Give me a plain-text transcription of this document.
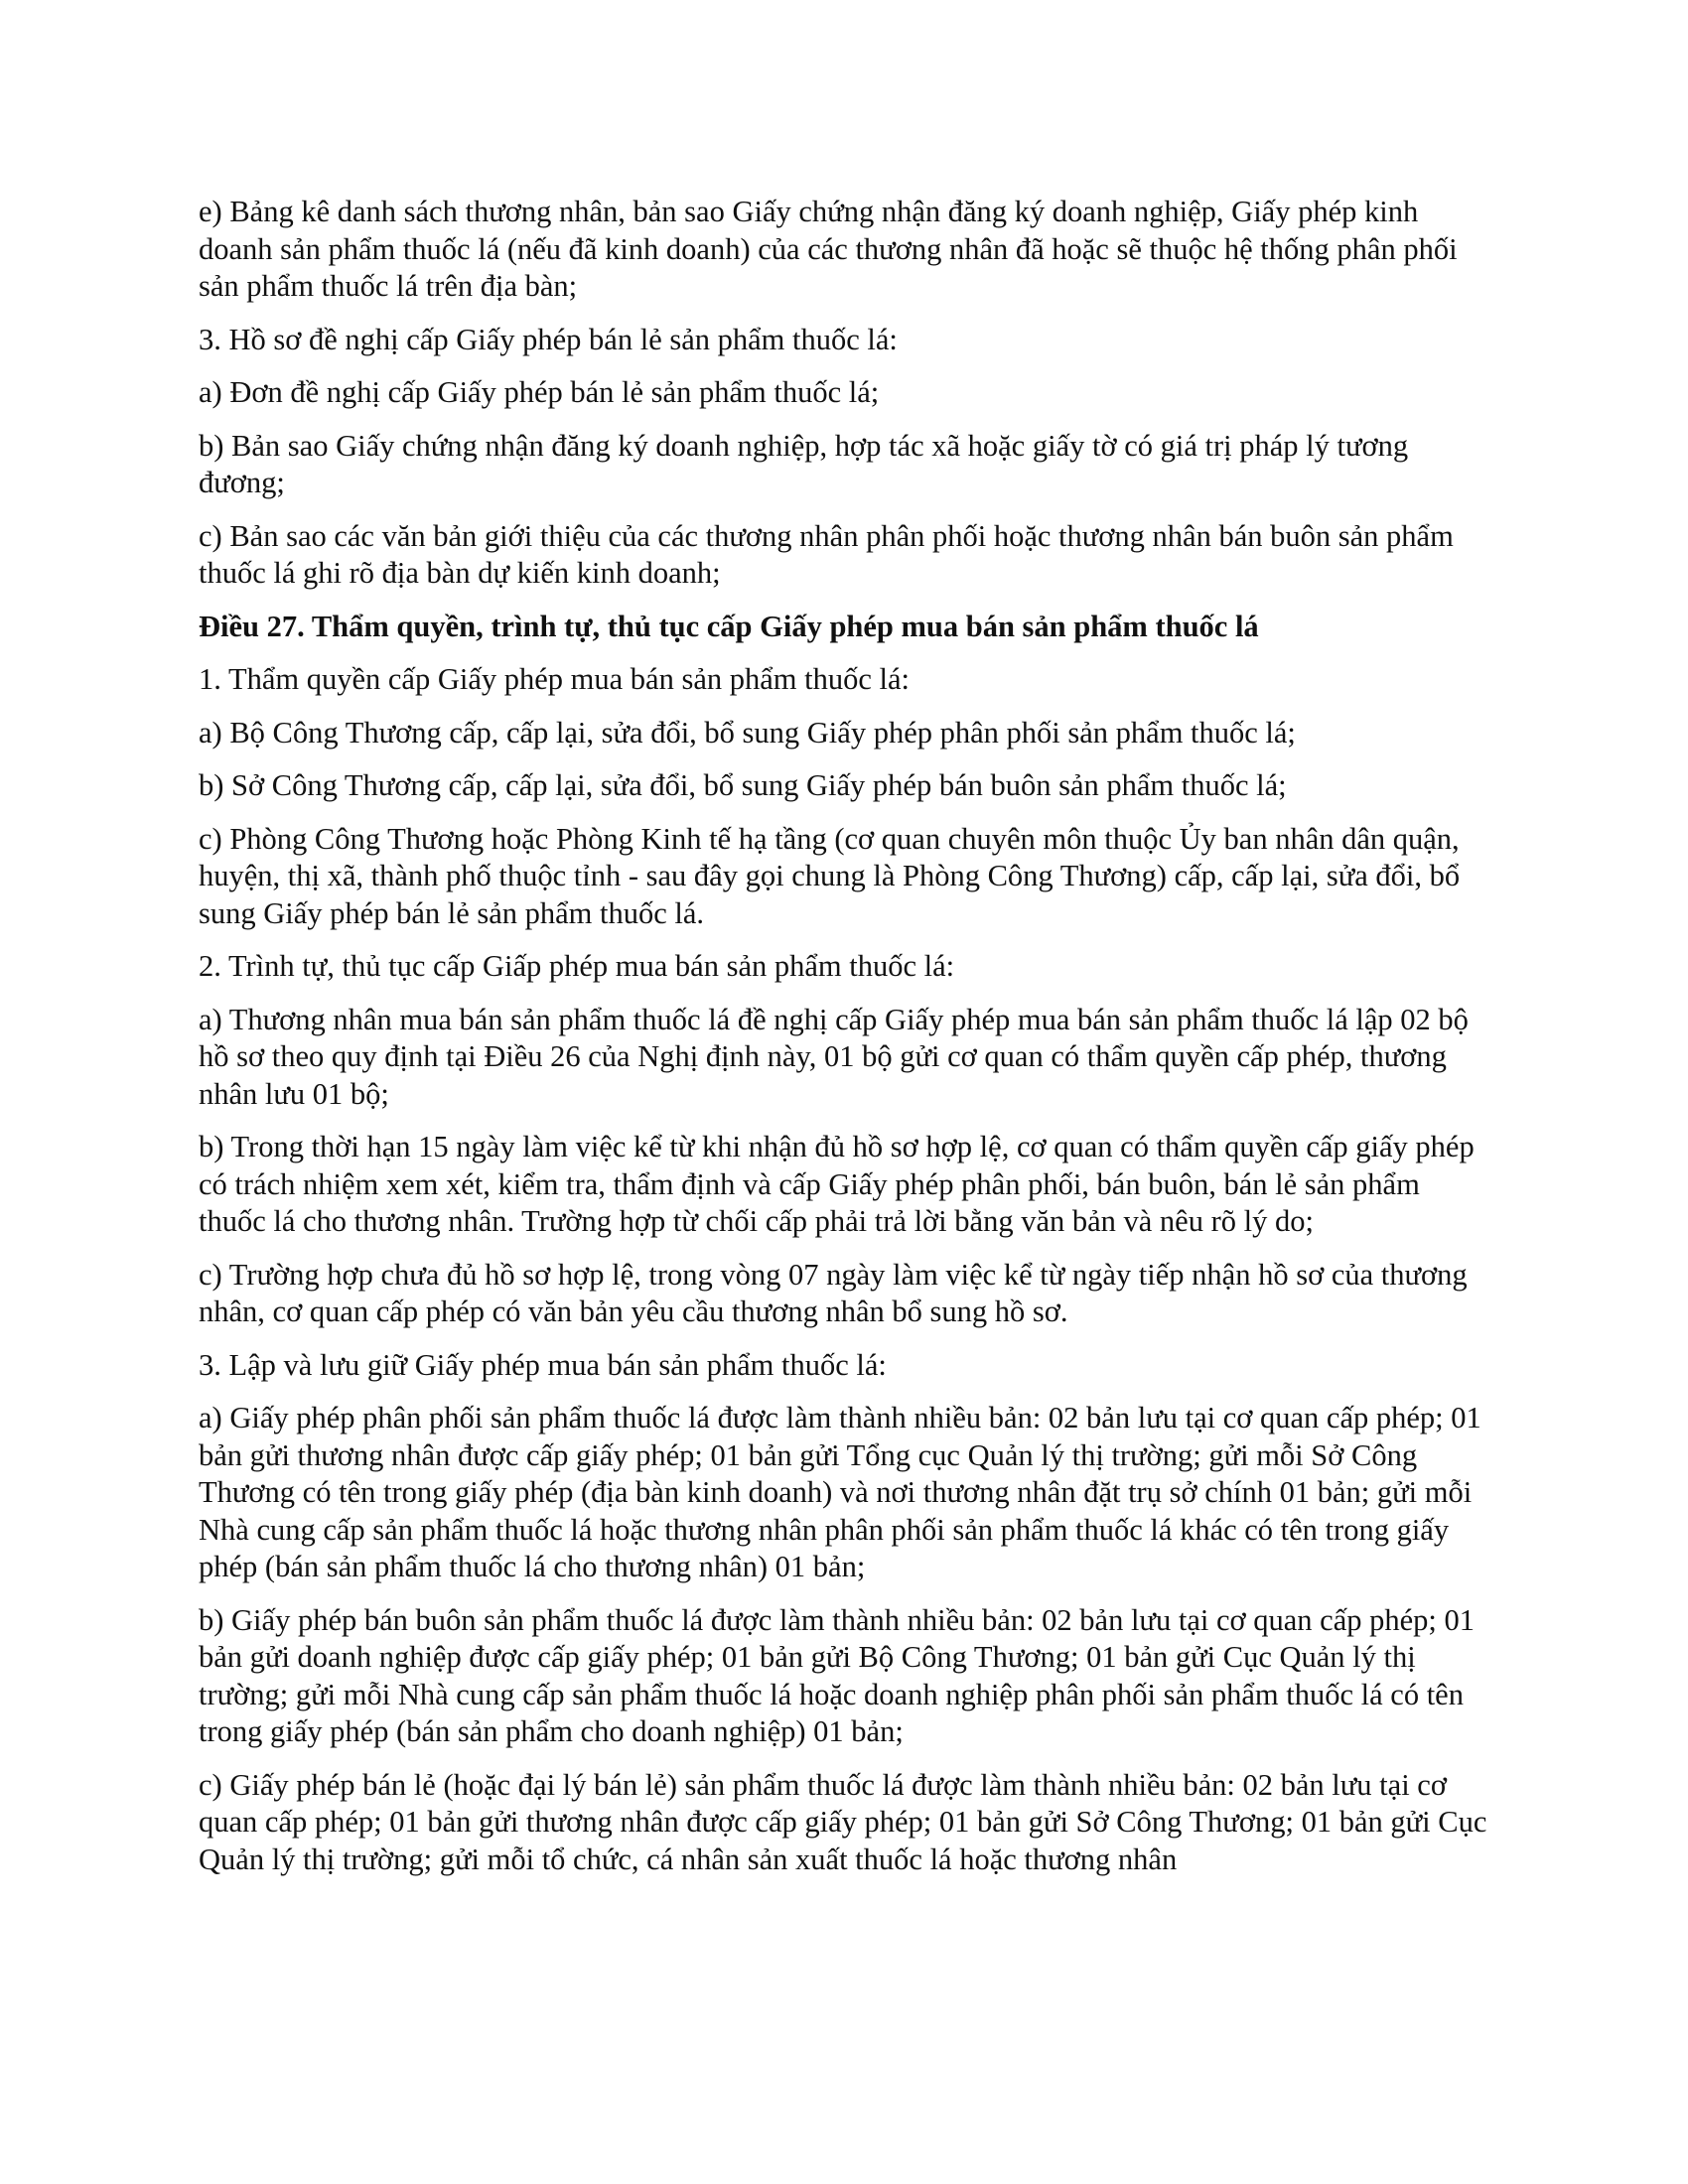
e) Bảng kê danh sách thương nhân, bản sao Giấy chứng nhận đăng ký doanh nghiệp, Giấy phép kinh doanh sản phẩm thuốc lá (nếu đã kinh doanh) của các thương nhân đã hoặc sẽ thuộc hệ thống phân phối sản phẩm thuốc lá trên địa bàn;

3. Hồ sơ đề nghị cấp Giấy phép bán lẻ sản phẩm thuốc lá:

a) Đơn đề nghị cấp Giấy phép bán lẻ sản phẩm thuốc lá;

b) Bản sao Giấy chứng nhận đăng ký doanh nghiệp, hợp tác xã hoặc giấy tờ có giá trị pháp lý tương đương;

c) Bản sao các văn bản giới thiệu của các thương nhân phân phối hoặc thương nhân bán buôn sản phẩm thuốc lá ghi rõ địa bàn dự kiến kinh doanh;

Điều 27. Thẩm quyền, trình tự, thủ tục cấp Giấy phép mua bán sản phẩm thuốc lá

1. Thẩm quyền cấp Giấy phép mua bán sản phẩm thuốc lá:

a) Bộ Công Thương cấp, cấp lại, sửa đổi, bổ sung Giấy phép phân phối sản phẩm thuốc lá;

b) Sở Công Thương cấp, cấp lại, sửa đổi, bổ sung Giấy phép bán buôn sản phẩm thuốc lá;

c) Phòng Công Thương hoặc Phòng Kinh tế hạ tầng (cơ quan chuyên môn thuộc Ủy ban nhân dân quận, huyện, thị xã, thành phố thuộc tỉnh - sau đây gọi chung là Phòng Công Thương) cấp, cấp lại, sửa đổi, bổ sung Giấy phép bán lẻ sản phẩm thuốc lá.

2. Trình tự, thủ tục cấp Giấp phép mua bán sản phẩm thuốc lá:

a) Thương nhân mua bán sản phẩm thuốc lá đề nghị cấp Giấy phép mua bán sản phẩm thuốc lá lập 02 bộ hồ sơ theo quy định tại Điều 26 của Nghị định này, 01 bộ gửi cơ quan có thẩm quyền cấp phép, thương nhân lưu 01 bộ;

b) Trong thời hạn 15 ngày làm việc kể từ khi nhận đủ hồ sơ hợp lệ, cơ quan có thẩm quyền cấp giấy phép có trách nhiệm xem xét, kiểm tra, thẩm định và cấp Giấy phép phân phối, bán buôn, bán lẻ sản phẩm thuốc lá cho thương nhân. Trường hợp từ chối cấp phải trả lời bằng văn bản và nêu rõ lý do;

c) Trường hợp chưa đủ hồ sơ hợp lệ, trong vòng 07 ngày làm việc kể từ ngày tiếp nhận hồ sơ của thương nhân, cơ quan cấp phép có văn bản yêu cầu thương nhân bổ sung hồ sơ.

3. Lập và lưu giữ Giấy phép mua bán sản phẩm thuốc lá:

a) Giấy phép phân phối sản phẩm thuốc lá được làm thành nhiều bản: 02 bản lưu tại cơ quan cấp phép; 01 bản gửi thương nhân được cấp giấy phép; 01 bản gửi Tổng cục Quản lý thị trường; gửi mỗi Sở Công Thương có tên trong giấy phép (địa bàn kinh doanh) và nơi thương nhân đặt trụ sở chính 01 bản; gửi mỗi Nhà cung cấp sản phẩm thuốc lá hoặc thương nhân phân phối sản phẩm thuốc lá khác có tên trong giấy phép (bán sản phẩm thuốc lá cho thương nhân) 01 bản;

b) Giấy phép bán buôn sản phẩm thuốc lá được làm thành nhiều bản: 02 bản lưu tại cơ quan cấp phép; 01 bản gửi doanh nghiệp được cấp giấy phép; 01 bản gửi Bộ Công Thương; 01 bản gửi Cục Quản lý thị trường; gửi mỗi Nhà cung cấp sản phẩm thuốc lá hoặc doanh nghiệp phân phối sản phẩm thuốc lá có tên trong giấy phép (bán sản phẩm cho doanh nghiệp) 01 bản;

c) Giấy phép bán lẻ (hoặc đại lý bán lẻ) sản phẩm thuốc lá được làm thành nhiều bản: 02 bản lưu tại cơ quan cấp phép; 01 bản gửi thương nhân được cấp giấy phép; 01 bản gửi Sở Công Thương; 01 bản gửi Cục Quản lý thị trường; gửi mỗi tổ chức, cá nhân sản xuất thuốc lá hoặc thương nhân
